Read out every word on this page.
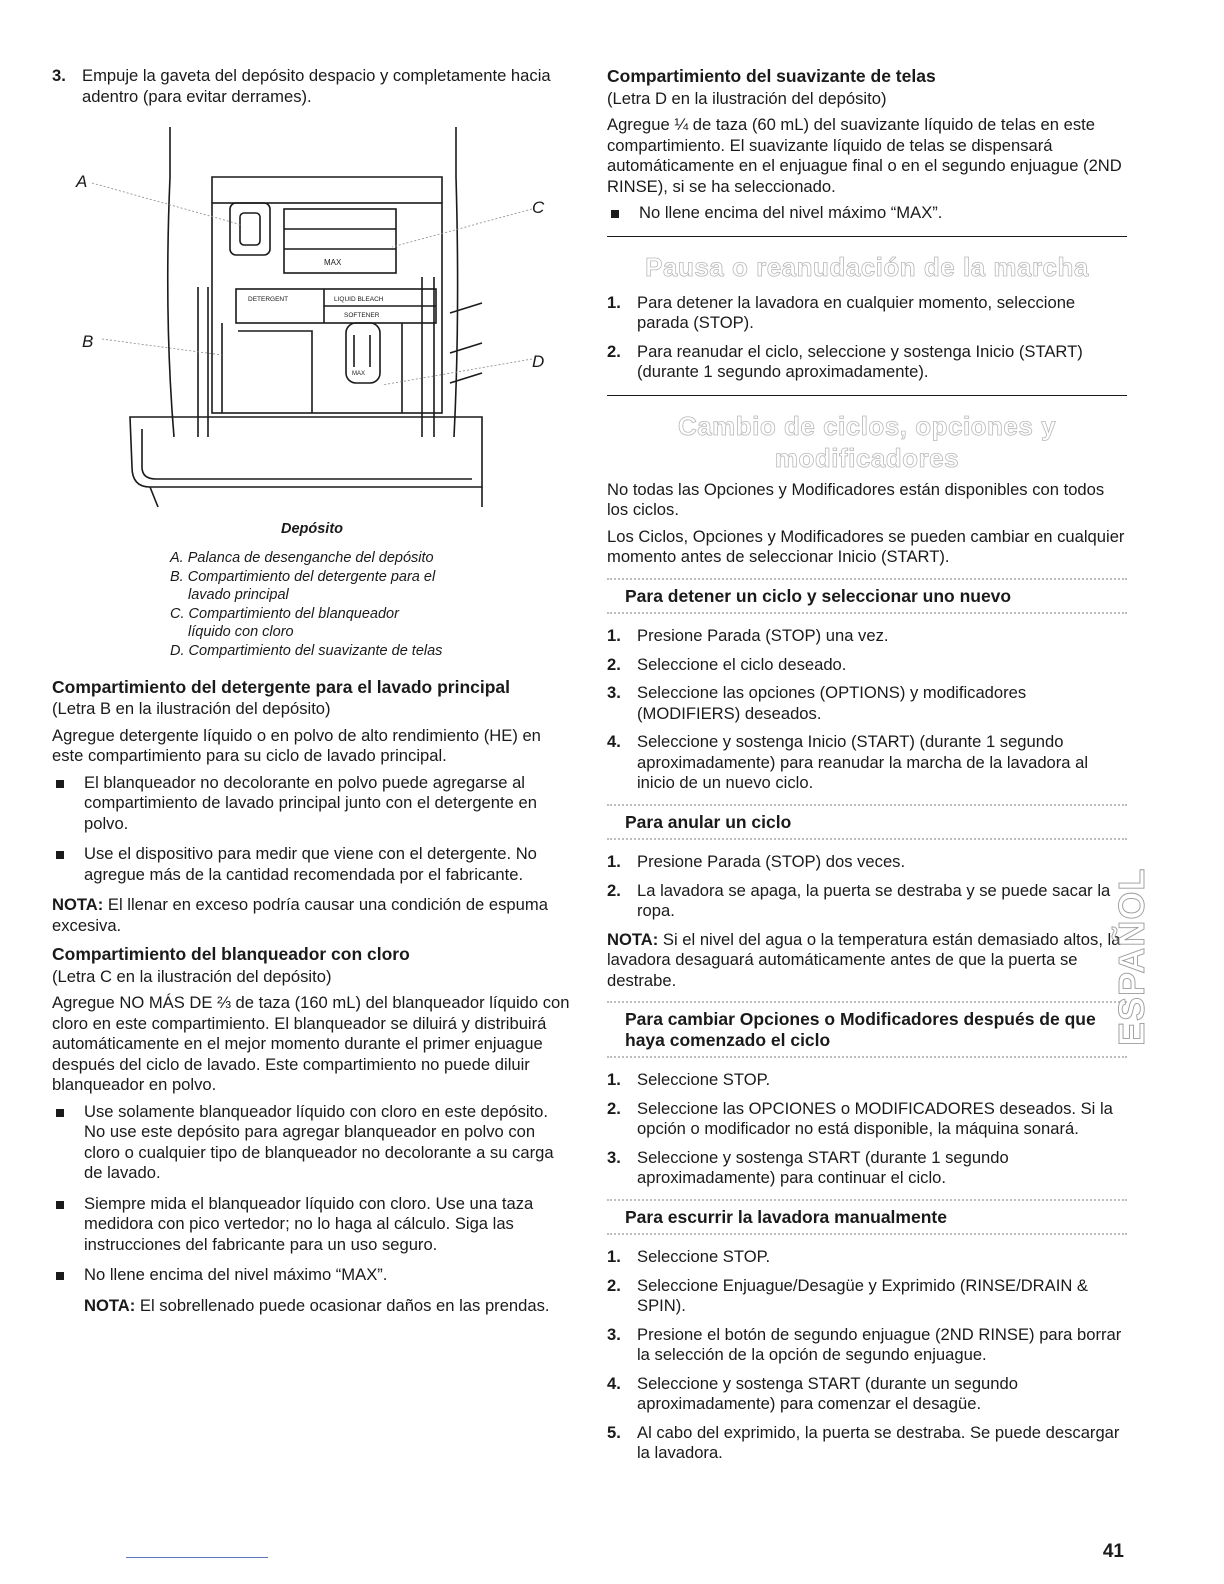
3. Empuje la gaveta del depósito despacio y completamente hacia adentro (para evitar derrames).
A
B
C
D
MAX
DETERGENT	LIQUID BLEACH
SOFTENER
MAX
Depósito
A. Palanca de desenganche del depósito
B. Compartimiento del detergente para el
lavado principal
C. Compartimiento del blanqueador
líquido con cloro
D. Compartimiento del suavizante de telas
Compartimiento del detergente para el lavado principal

(Letra B en la ilustración del depósito)

Agregue detergente líquido o en polvo de alto rendimiento (HE) en este compartimiento para su ciclo de lavado principal.

El blanqueador no decolorante en polvo puede agregarse al compartimiento de lavado principal junto con el detergente en polvo.
Use el dispositivo para medir que viene con el detergente. No agregue más de la cantidad recomendada por el fabricante.

NOTA: El llenar en exceso podría causar una condición de espuma excesiva.

Compartimiento del blanqueador con cloro

(Letra C en la ilustración del depósito)

Agregue NO MÁS DE ⅔ de taza (160 mL) del blanqueador líquido con cloro en este compartimiento. El blanqueador se diluirá y distribuirá automáticamente en el mejor momento durante el primer enjuague después del ciclo de lavado. Este compartimiento no puede diluir blanqueador en polvo.

Use solamente blanqueador líquido con cloro en este depósito. No use este depósito para agregar blanqueador en polvo con cloro o cualquier tipo de blanqueador no decolorante a su carga de lavado.
Siempre mida el blanqueador líquido con cloro. Use una taza medidora con pico vertedor; no lo haga al cálculo. Siga las instrucciones del fabricante para un uso seguro.
No llene encima del nivel máximo “MAX”.

NOTA: El sobrellenado puede ocasionar daños en las prendas.

Compartimiento del suavizante de telas

(Letra D en la ilustración del depósito)

Agregue ¼ de taza (60 mL) del suavizante líquido de telas en este compartimiento. El suavizante líquido de telas se dispensará automáticamente en el enjuague final o en el segundo enjuague (2ND RINSE), si se ha seleccionado.

No llene encima del nivel máximo “MAX”.
Pausa o reanudación de la marcha
1. Para detener la lavadora en cualquier momento, seleccione parada (STOP).
2. Para reanudar el ciclo, seleccione y sostenga Inicio (START) (durante 1 segundo aproximadamente).
Cambio de ciclos, opciones y
modificadores

No todas las Opciones y Modificadores están disponibles con todos los ciclos.

Los Ciclos, Opciones y Modificadores se pueden cambiar en cualquier momento antes de seleccionar Inicio (START).

Para detener un ciclo y seleccionar uno nuevo
1. Presione Parada (STOP) una vez.
2. Seleccione el ciclo deseado.
3. Seleccione las opciones (OPTIONS) y modificadores (MODIFIERS) deseados.
4. Seleccione y sostenga Inicio (START) (durante 1 segundo aproximadamente) para reanudar la marcha de la lavadora al inicio de un nuevo ciclo.
Para anular un ciclo
1. Presione Parada (STOP) dos veces.
2. La lavadora se apaga, la puerta se destraba y se puede sacar la ropa.

NOTA: Si el nivel del agua o la temperatura están demasiado altos, la lavadora desaguará automáticamente antes de que la puerta se destrabe.

Para cambiar Opciones o Modificadores después de que haya comenzado el ciclo
1. Seleccione STOP.
2. Seleccione las OPCIONES o MODIFICADORES deseados. Si la opción o modificador no está disponible, la máquina sonará.
3. Seleccione y sostenga START (durante 1 segundo aproximadamente) para continuar el ciclo.
Para escurrir la lavadora manualmente
1. Seleccione STOP.
2. Seleccione Enjuague/Desagüe y Exprimido (RINSE/DRAIN & SPIN).
3. Presione el botón de segundo enjuague (2ND RINSE) para borrar la selección de la opción de segundo enjuague.
4. Seleccione y sostenga START (durante un segundo aproximadamente) para comenzar el desagüe.
5. Al cabo del exprimido, la puerta se destraba. Se puede descargar la lavadora.
ESPAÑOL
41
